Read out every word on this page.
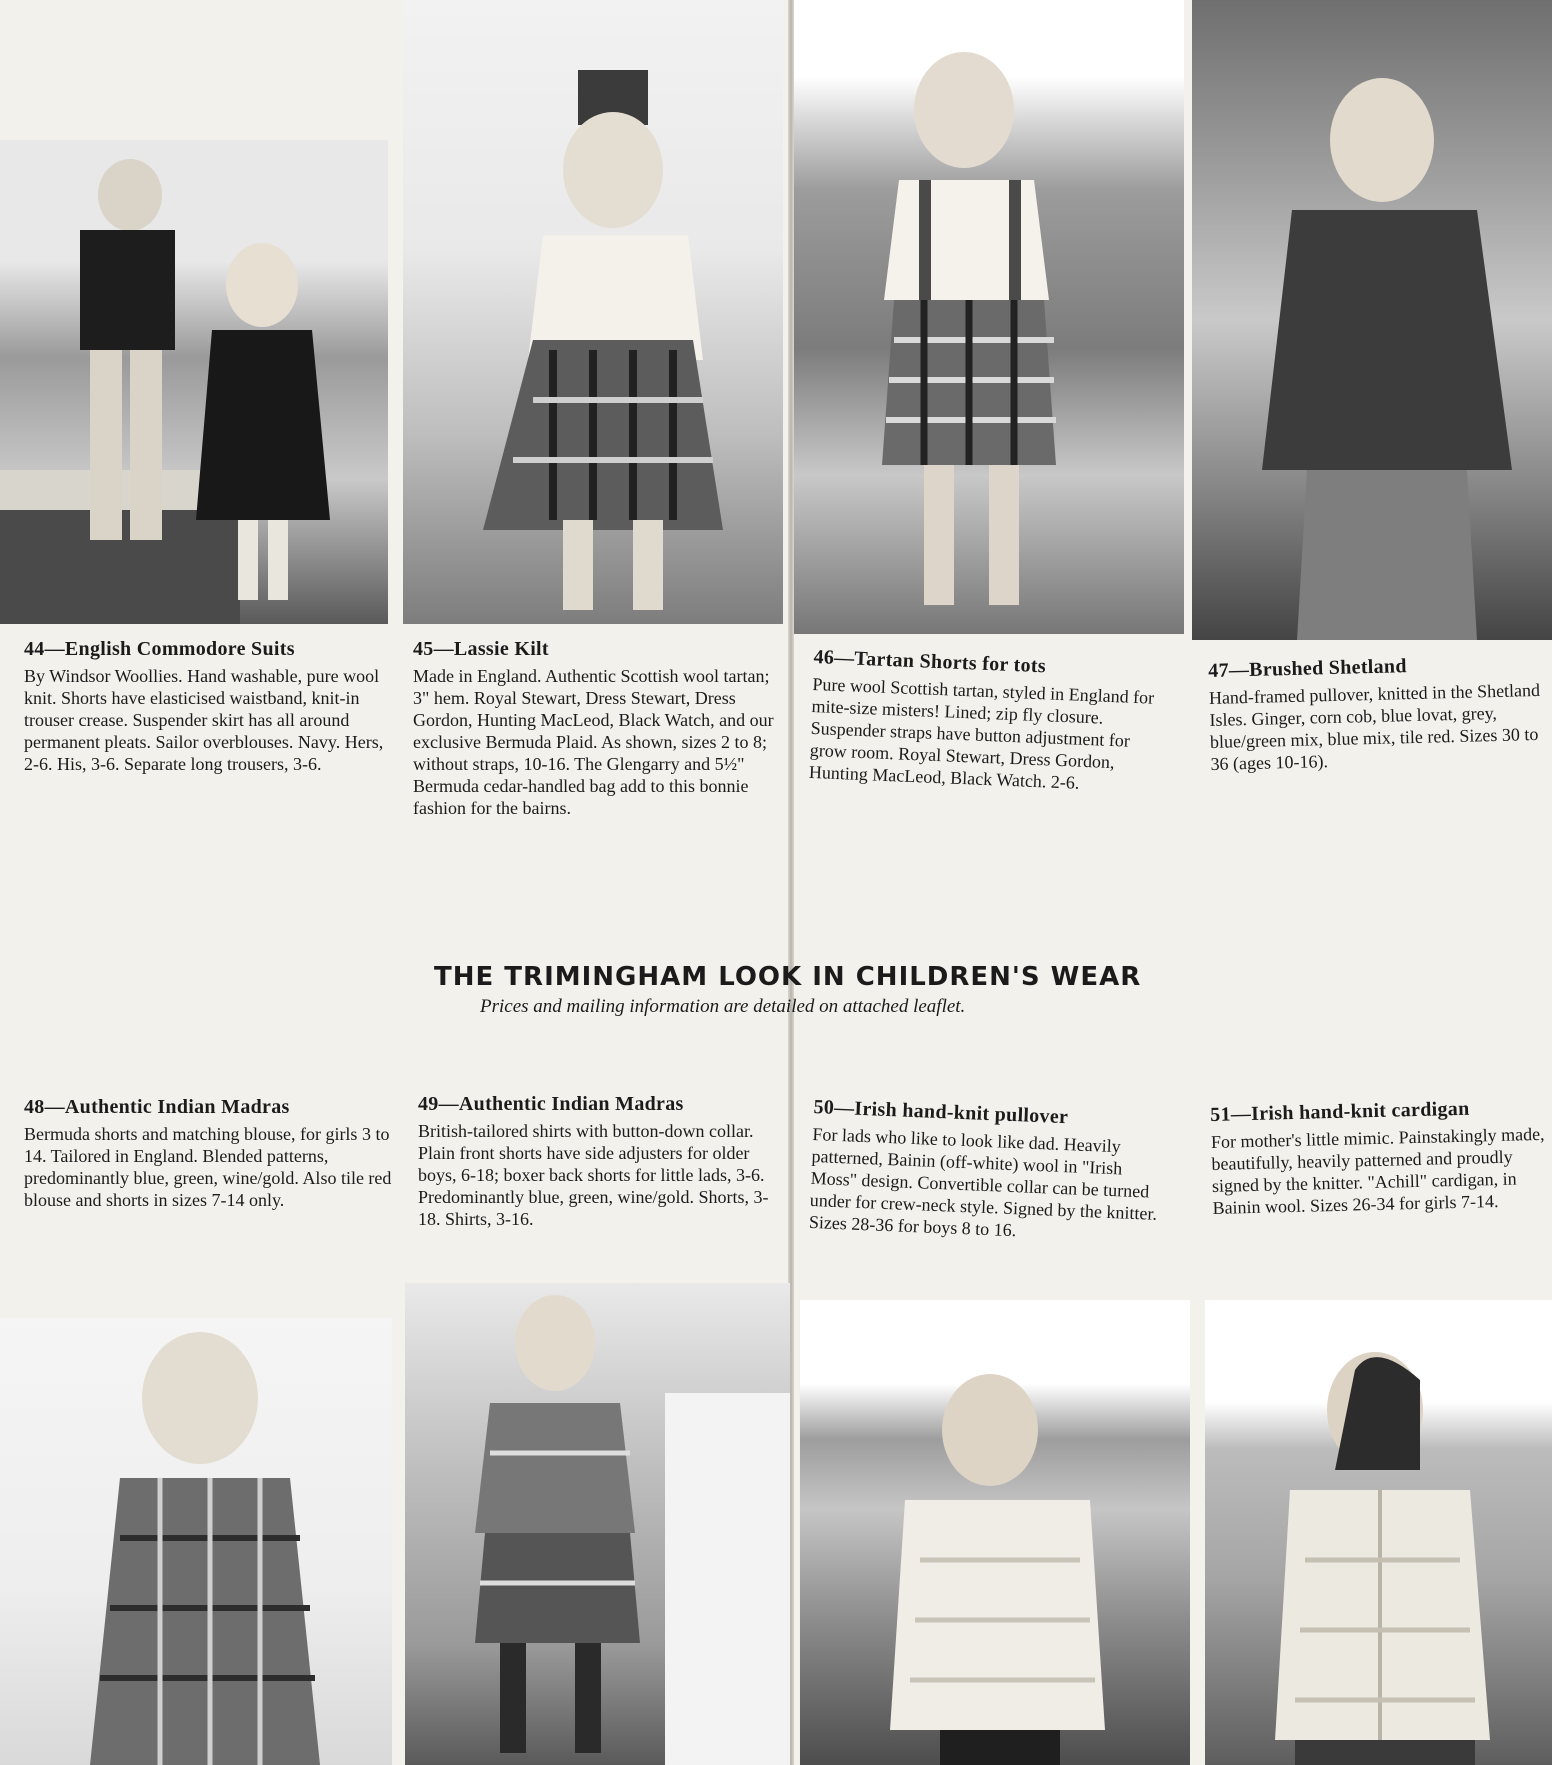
44—English Commodore Suits

By Windsor Woollies. Hand washable, pure wool knit. Shorts have elasticised waistband, knit-in trouser crease. Suspender skirt has all around permanent pleats. Sailor overblouses. Navy. Hers, 2-6. His, 3-6. Separate long trousers, 3-6.

45—Lassie Kilt

Made in England. Authentic Scottish wool tartan; 3" hem. Royal Stewart, Dress Stewart, Dress Gordon, Hunting MacLeod, Black Watch, and our exclusive Bermuda Plaid. As shown, sizes 2 to 8; without straps, 10-16. The Glengarry and 5½" Bermuda cedar-handled bag add to this bonnie fashion for the bairns.

46—Tartan Shorts for tots

Pure wool Scottish tartan, styled in England for mite-size misters! Lined; zip fly closure. Suspender straps have button adjustment for grow room. Royal Stewart, Dress Gordon, Hunting MacLeod, Black Watch. 2-6.

47—Brushed Shetland

Hand-framed pullover, knitted in the Shetland Isles. Ginger, corn cob, blue lovat, grey, blue/green mix, blue mix, tile red. Sizes 30 to 36 (ages 10-16).

THE TRIMINGHAM LOOK IN CHILDREN'S WEAR
Prices and mailing information are detailed on attached leaflet.

48—Authentic Indian Madras

Bermuda shorts and matching blouse, for girls 3 to 14. Tailored in England. Blended patterns, predominantly blue, green, wine/gold. Also tile red blouse and shorts in sizes 7-14 only.

49—Authentic Indian Madras

British-tailored shirts with button-down collar. Plain front shorts have side adjusters for older boys, 6-18; boxer back shorts for little lads, 3-6. Predominantly blue, green, wine/gold. Shorts, 3-18. Shirts, 3-16.

50—Irish hand-knit pullover

For lads who like to look like dad. Heavily patterned, Bainin (off-white) wool in "Irish Moss" design. Convertible collar can be turned under for crew-neck style. Signed by the knitter. Sizes 28-36 for boys 8 to 16.

51—Irish hand-knit cardigan

For mother's little mimic. Painstakingly made, beautifully, heavily patterned and proudly signed by the knitter. "Achill" cardigan, in Bainin wool. Sizes 26-34 for girls 7-14.
